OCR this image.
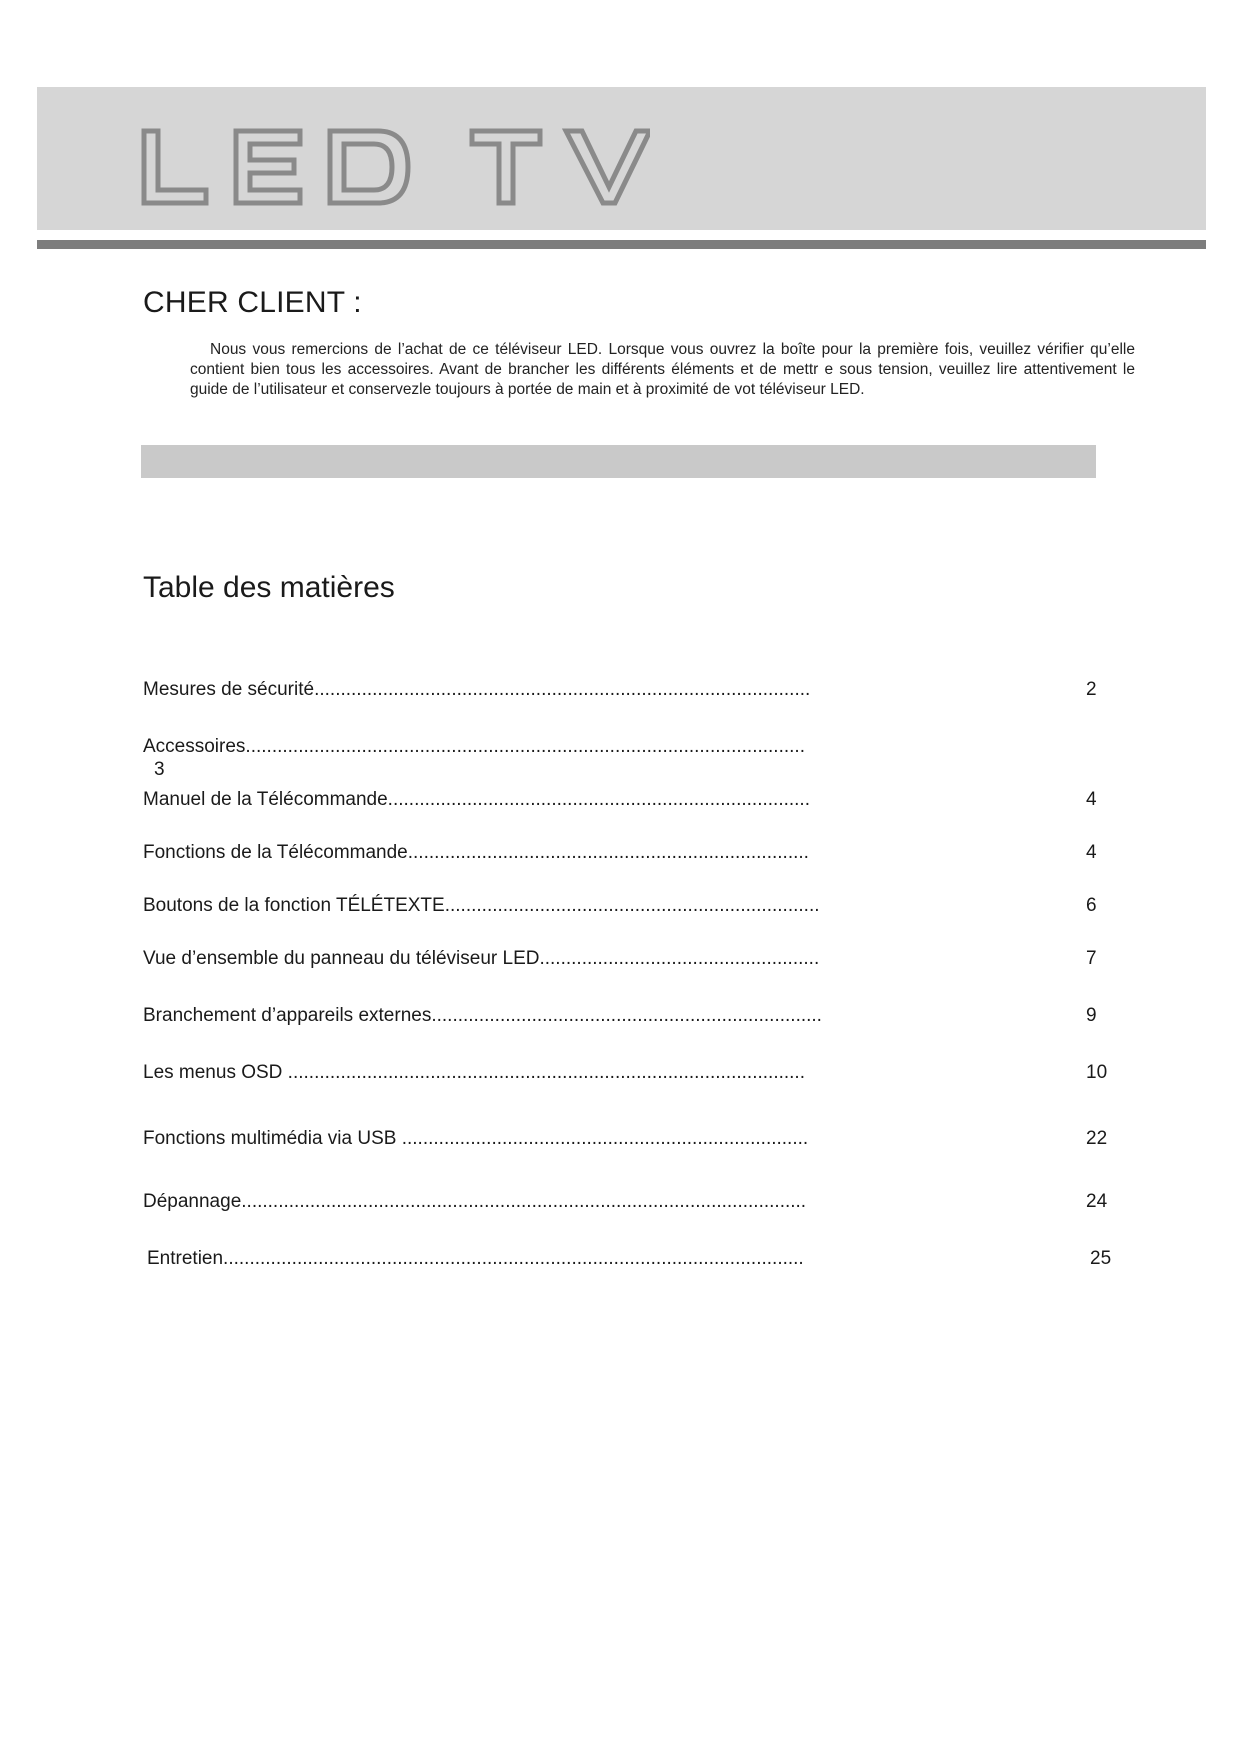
CHER CLIENT :

Nous vous remercions de l’achat de ce téléviseur LED. Lorsque vous ouvrez la boîte pour la première fois, veuillez vérifier qu’elle contient bien tous les accessoires. Avant de brancher les différents éléments et de mettr e sous tension, veuillez lire attentivement le guide de l’utilisateur et conservezle toujours à portée de main et à proximité de vot téléviseur LED.

Table des matières
Mesures de sécurité..............................................................................................	2
Accessoires..........................................................................................................
3
Manuel de la Télécommande................................................................................	4
Fonctions de la Télécommande............................................................................	4
Boutons de la fonction TÉLÉTEXTE.......................................................................	6
Vue d’ensemble du panneau du téléviseur LED.....................................................	7
Branchement d’appareils externes..........................................................................	9
Les menus OSD ..................................................................................................	10
Fonctions multimédia via USB .............................................................................	22
Dépannage...........................................................................................................	24
Entretien..............................................................................................................	25
